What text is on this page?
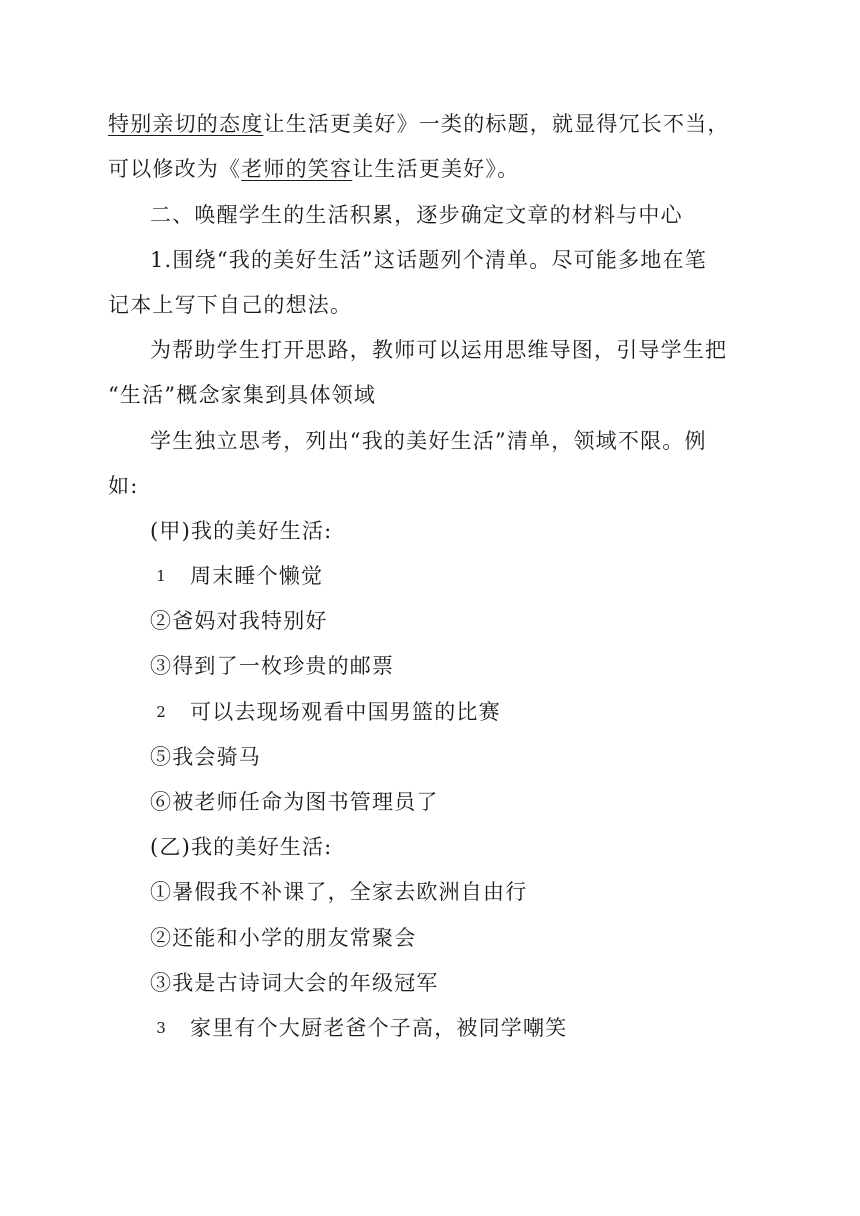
特别亲切的态度让生活更美好》一类的标题，就显得冗长不当，
可以修改为《老师的笑容让生活更美好》。
二、唤醒学生的生活积累，逐步确定文章的材料与中心
1.围绕“我的美好生活”这话题列个清单。尽可能多地在笔
记本上写下自己的想法。
为帮助学生打开思路，教师可以运用思维导图，引导学生把
“生活”概念家集到具体领域
学生独立思考，列出“我的美好生活”清单，领域不限。例
如:
(甲)我的美好生活:
1 周末睡个懒觉
②爸妈对我特别好
③得到了一枚珍贵的邮票
2 可以去现场观看中国男篮的比赛
⑤我会骑马
⑥被老师任命为图书管理员了
(乙)我的美好生活:
①暑假我不补课了，全家去欧洲自由行
②还能和小学的朋友常聚会
③我是古诗词大会的年级冠军
3 家里有个大厨老爸个子高，被同学嘲笑
